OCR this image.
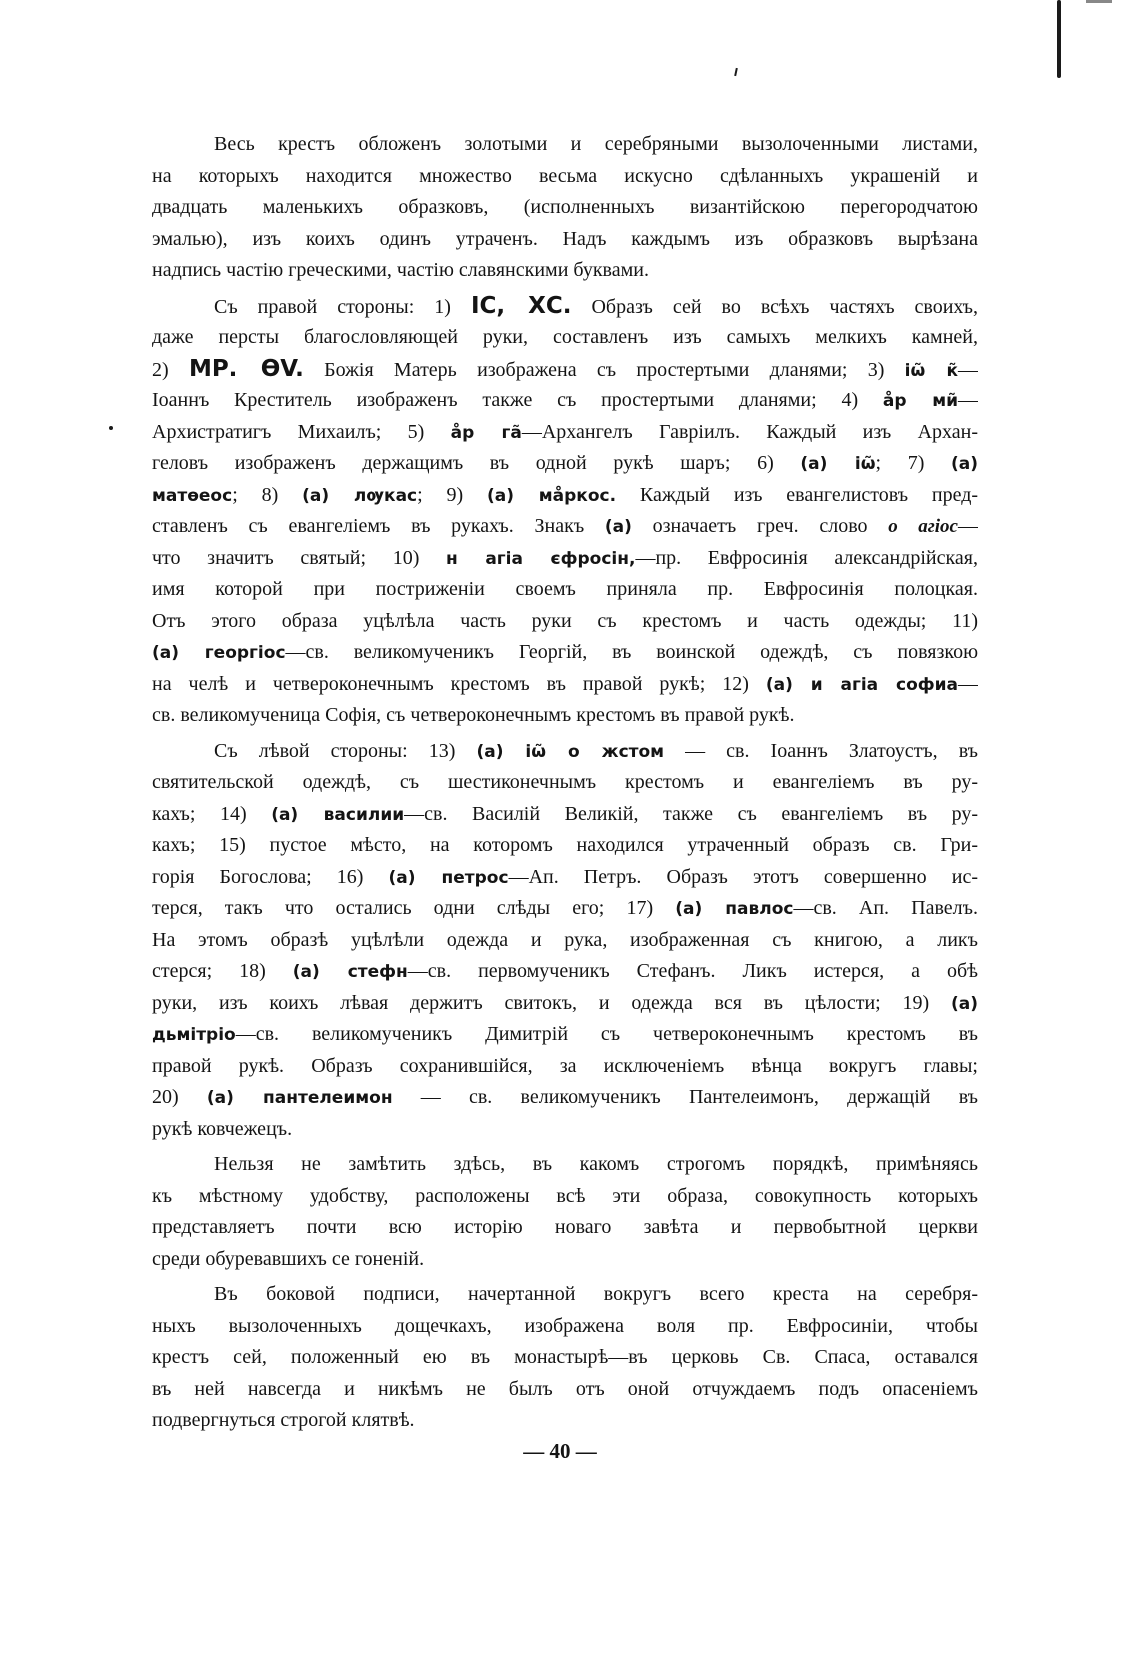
Весь крестъ обложенъ золотыми и серебряными вызолоченными листами,
на которыхъ находится множество весьма искусно сдѣланныхъ украшеній и
двадцать маленькихъ образковъ, (исполненныхъ византійскою перегородчатою
эмалью), изъ коихъ одинъ утраченъ. Надъ каждымъ изъ образковъ вырѣзана
надпись частію греческими, частію славянскими буквами.
Съ правой стороны: 1) ІС, ХС. Образъ сей во всѣхъ частяхъ своихъ,
даже персты благословляющей руки, составленъ изъ самыхъ мелкихъ камней,
2) МР. ѲV. Божія Матерь изображена съ простертыми дланями; 3) іѡ̃ к̃—
Іоаннъ Креститель изображенъ также съ простертыми дланями; 4) а̊р ми̃—
Архистратигъ Михаилъ; 5) а̊р га̃—Архангелъ Гавріилъ. Каждый изъ Архан-
геловъ изображенъ держащимъ въ одной рукѣ шаръ; 6) (а) іѡ̃; 7) (а)
матѳеос; 8) (а) лѹкас; 9) (а) ма̊ркос. Каждый изъ евангелистовъ пред-
ставленъ съ евангеліемъ въ рукахъ. Знакъ (а) означаетъ греч. слово о агіос—
что значитъ святый; 10) н агіа єфросін,—пр. Евфросинія александрійская,
имя которой при постриженіи своемъ приняла пр. Евфросинія полоцкая.
Отъ этого образа уцѣлѣла часть руки съ крестомъ и часть одежды; 11)
(а) георгіос—св. великомученикъ Георгій, въ воинской одеждѣ, съ повязкою
на челѣ и четвероконечнымъ крестомъ въ правой рукѣ; 12) (а) и агіа софиа—
св. великомученица Софія, съ четвероконечнымъ крестомъ въ правой рукѣ.
Съ лѣвой стороны: 13) (а) іѡ̃ о жстом — св. Іоаннъ Златоустъ, въ
святительской одеждѣ, съ шестиконечнымъ крестомъ и евангеліемъ въ ру-
кахъ; 14) (а) василии—св. Василій Великій, также съ евангеліемъ въ ру-
кахъ; 15) пустое мѣсто, на которомъ находился утраченный образъ св. Гри-
горія Богослова; 16) (а) петрос—Ап. Петръ. Образъ этотъ совершенно ис-
терся, такъ что остались одни слѣды его; 17) (а) павлос—св. Ап. Павелъ.
На этомъ образѣ уцѣлѣли одежда и рука, изображенная съ книгою, а ликъ
стерся; 18) (а) стефн—св. первомученикъ Стефанъ. Ликъ истерся, а обѣ
руки, изъ коихъ лѣвая держитъ свитокъ, и одежда вся въ цѣлости; 19) (а)
дьмітріо—св. великомученикъ Димитрій съ четвероконечнымъ крестомъ въ
правой рукѣ. Образъ сохранившійся, за исключеніемъ вѣнца вокругъ главы;
20) (а) пантелеимон — св. великомученикъ Пантелеимонъ, держащій въ
рукѣ ковчежецъ.
Нельзя не замѣтить здѣсь, въ какомъ строгомъ порядкѣ, примѣняясь
къ мѣстному удобству, расположены всѣ эти образа, совокупность которыхъ
представляетъ почти всю исторію новаго завѣта и первобытной церкви
среди обуревавшихъ се гоненій.
Въ боковой подписи, начертанной вокругъ всего креста на серебря-
ныхъ вызолоченныхъ дощечкахъ, изображена воля пр. Евфросиніи, чтобы
крестъ сей, положенный ею въ монастырѣ—въ церковь Св. Спаса, оставался
въ ней навсегда и никѣмъ не былъ отъ оной отчуждаемъ подъ опасеніемъ
подвергнуться строгой клятвѣ.
— 40 —
